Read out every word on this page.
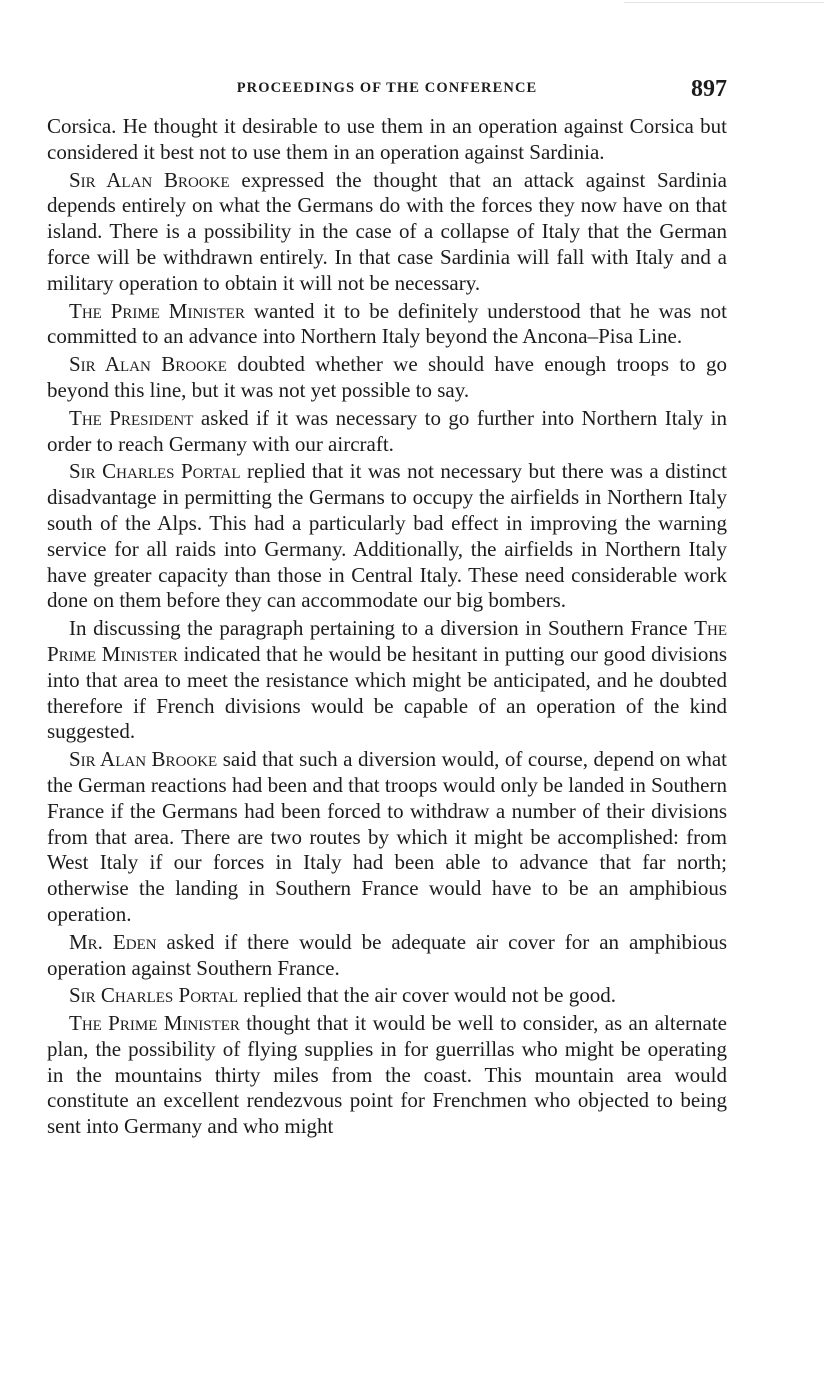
PROCEEDINGS OF THE CONFERENCE	897

Corsica. He thought it desirable to use them in an operation against Corsica but considered it best not to use them in an operation against Sardinia.

Sir Alan Brooke expressed the thought that an attack against Sardinia depends entirely on what the Germans do with the forces they now have on that island. There is a possibility in the case of a collapse of Italy that the German force will be withdrawn entirely. In that case Sardinia will fall with Italy and a military operation to obtain it will not be necessary.

The Prime Minister wanted it to be definitely understood that he was not committed to an advance into Northern Italy beyond the Ancona–Pisa Line.

Sir Alan Brooke doubted whether we should have enough troops to go beyond this line, but it was not yet possible to say.

The President asked if it was necessary to go further into Northern Italy in order to reach Germany with our aircraft.

Sir Charles Portal replied that it was not necessary but there was a distinct disadvantage in permitting the Germans to occupy the airfields in Northern Italy south of the Alps. This had a particularly bad effect in improving the warning service for all raids into Germany. Additionally, the airfields in Northern Italy have greater capacity than those in Central Italy. These need considerable work done on them before they can accommodate our big bombers.

In discussing the paragraph pertaining to a diversion in Southern France The Prime Minister indicated that he would be hesitant in putting our good divisions into that area to meet the resistance which might be anticipated, and he doubted therefore if French divisions would be capable of an operation of the kind suggested.

Sir Alan Brooke said that such a diversion would, of course, depend on what the German reactions had been and that troops would only be landed in Southern France if the Germans had been forced to withdraw a number of their divisions from that area. There are two routes by which it might be accomplished: from West Italy if our forces in Italy had been able to advance that far north; otherwise the landing in Southern France would have to be an amphibious operation.

Mr. Eden asked if there would be adequate air cover for an amphibious operation against Southern France.

Sir Charles Portal replied that the air cover would not be good.

The Prime Minister thought that it would be well to consider, as an alternate plan, the possibility of flying supplies in for guerrillas who might be operating in the mountains thirty miles from the coast. This mountain area would constitute an excellent rendezvous point for Frenchmen who objected to being sent into Germany and who might
